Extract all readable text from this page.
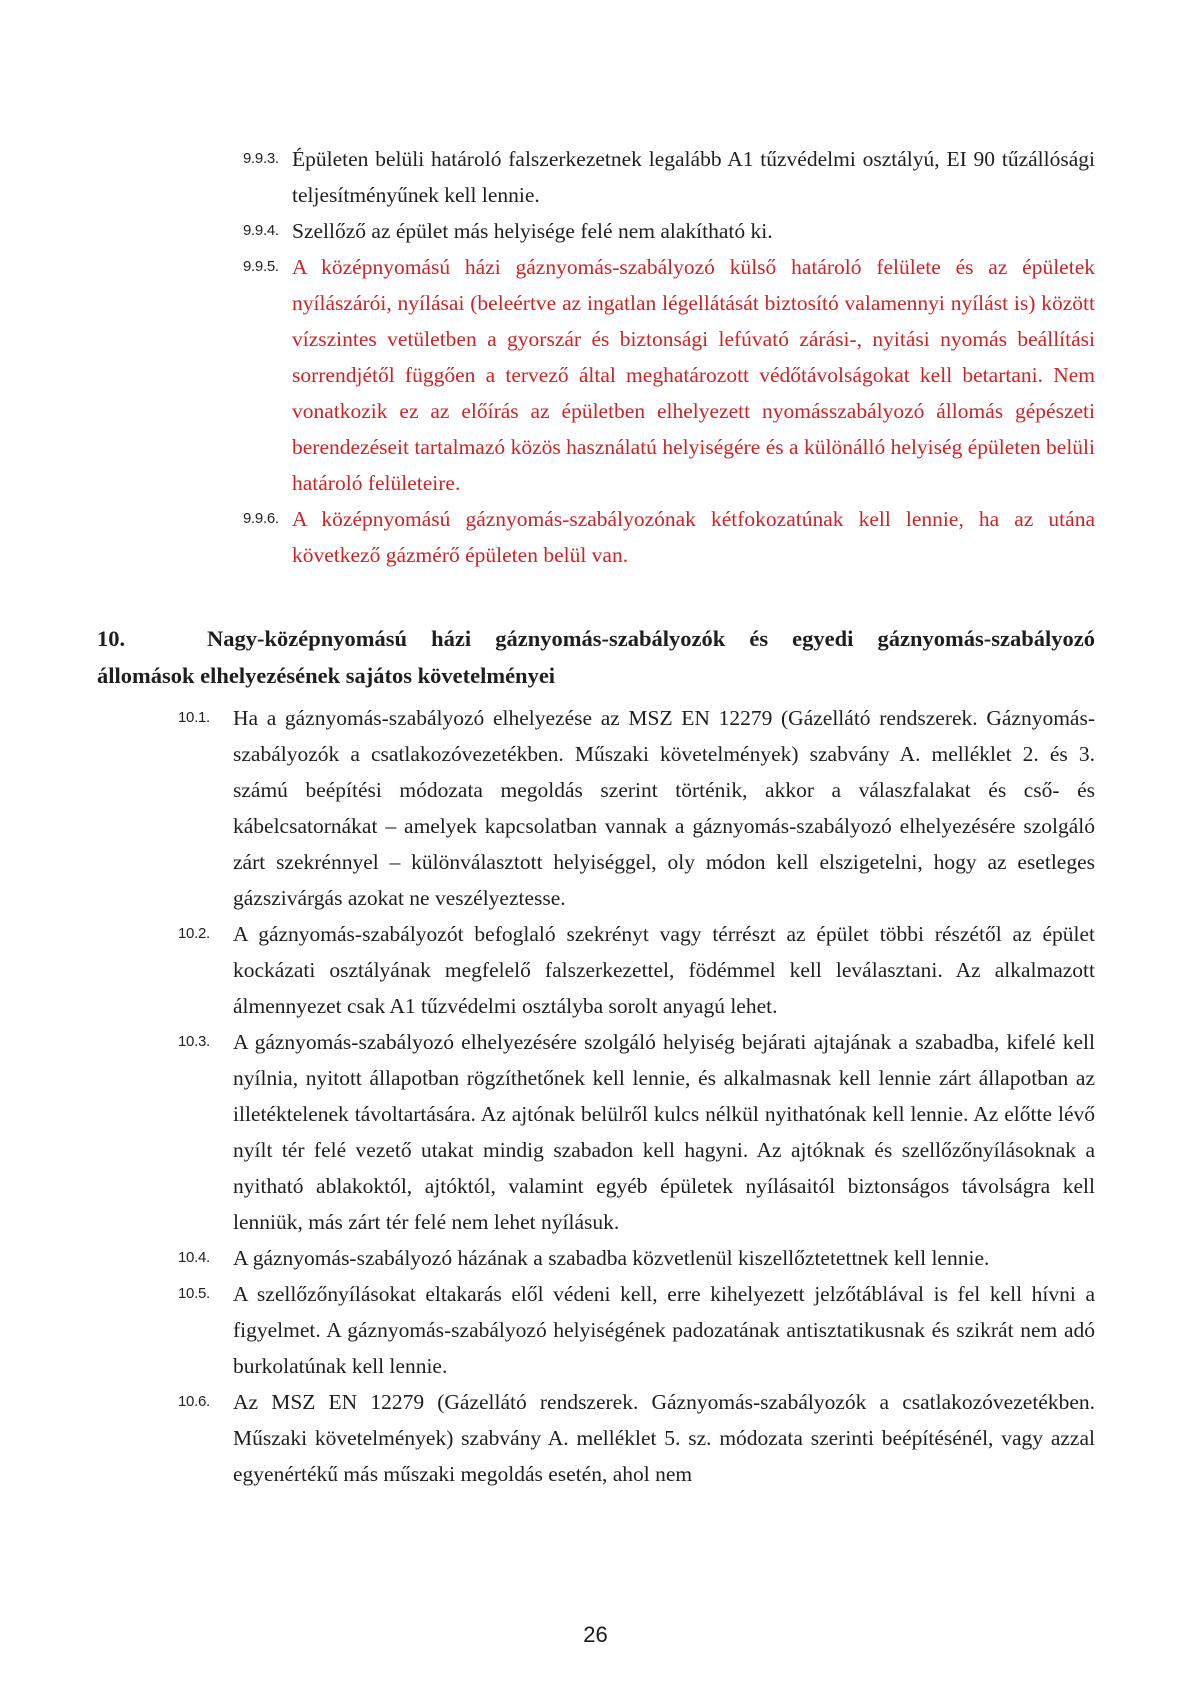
9.9.3. Épületen belüli határoló falszerkezetnek legalább A1 tűzvédelmi osztályú, EI 90 tűzállósági teljesítményűnek kell lennie.
9.9.4. Szellőző az épület más helyisége felé nem alakítható ki.
9.9.5. A középnyomású házi gáznyomás-szabályozó külső határoló felülete és az épületek nyílászárói, nyílásai (beleértve az ingatlan légellátását biztosító valamennyi nyílást is) között vízszintes vetületben a gyorszár és biztonsági lefúvató zárási-, nyitási nyomás beállítási sorrendjétől függően a tervező által meghatározott védőtávolságokat kell betartani. Nem vonatkozik ez az előírás az épületben elhelyezett nyomásszabályozó állomás gépészeti berendezéseit tartalmazó közös használatú helyiségére és a különálló helyiség épületen belüli határoló felületeire.
9.9.6. A középnyomású gáznyomás-szabályozónak kétfokozatúnak kell lennie, ha az utána következő gázmérő épületen belül van.
10.	Nagy-középnyomású házi gáznyomás-szabályozók és egyedi gáznyomás-szabályozó állomások elhelyezésének sajátos követelményei
10.1.	Ha a gáznyomás-szabályozó elhelyezése az MSZ EN 12279 (Gázellátó rendszerek. Gáznyomás-szabályozók a csatlakozóvezetékben. Műszaki követelmények) szabvány A. melléklet 2. és 3. számú beépítési módozata megoldás szerint történik, akkor a válaszfalakat és cső- és kábelcsatornákat – amelyek kapcsolatban vannak a gáznyomás-szabályozó elhelyezésére szolgáló zárt szekrénnyel – különválasztott helyiséggel, oly módon kell elszigetelni, hogy az esetleges gázszivárgás azokat ne veszélyeztesse.
10.2.	A gáznyomás-szabályozót befoglaló szekrényt vagy térrészt az épület többi részétől az épület kockázati osztályának megfelelő falszerkezettel, födémmel kell leválasztani. Az alkalmazott álmennyezet csak A1 tűzvédelmi osztályba sorolt anyagú lehet.
10.3.	A gáznyomás-szabályozó elhelyezésére szolgáló helyiség bejárati ajtajának a szabadba, kifelé kell nyílnia, nyitott állapotban rögzíthetőnek kell lennie, és alkalmasnak kell lennie zárt állapotban az illetéktelenek távoltartására. Az ajtónak belülről kulcs nélkül nyithatónak kell lennie. Az előtte lévő nyílt tér felé vezető utakat mindig szabadon kell hagyni. Az ajtóknak és szellőzőnyílásoknak a nyitható ablakoktól, ajtóktól, valamint egyéb épületek nyílásaitól biztonságos távolságra kell lenniük, más zárt tér felé nem lehet nyílásuk.
10.4.	A gáznyomás-szabályozó házának a szabadba közvetlenül kiszellőztetettnek kell lennie.
10.5.	A szellőzőnyílásokat eltakarás elől védeni kell, erre kihelyezett jelzőtáblával is fel kell hívni a figyelmet. A gáznyomás-szabályozó helyiségének padozatának antisztatikusnak és szikrát nem adó burkolatúnak kell lennie.
10.6.	Az MSZ EN 12279 (Gázellátó rendszerek. Gáznyomás-szabályozók a csatlakozóvezetékben. Műszaki követelmények) szabvány A. melléklet 5. sz. módozata szerinti beépítésénél, vagy azzal egyenértékű más műszaki megoldás esetén, ahol nem
26
